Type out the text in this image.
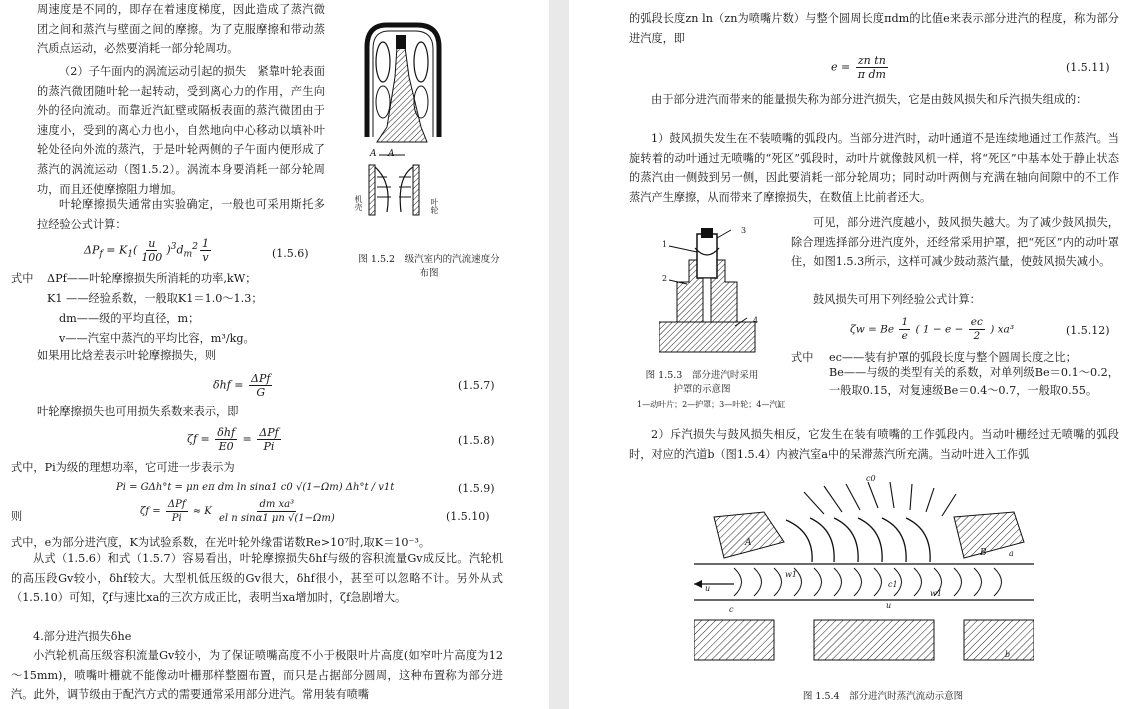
周速度是不同的，即存在着速度梯度，因此造成了蒸汽微团之间和蒸汽与壁面之间的摩擦。为了克服摩擦和带动蒸汽质点运动，必然要消耗一部分轮周功。

（2）子午面内的涡流运动引起的损失　紧靠叶轮表面的蒸汽微团随叶轮一起转动，受到离心力的作用，产生向外的径向流动。而靠近汽缸壁或隔板表面的蒸汽微团由于速度小，受到的离心力也小，自然地向中心移动以填补叶轮处径向外流的蒸汽，于是叶轮两侧的子午面内便形成了蒸汽的涡流运动（图1.5.2）。涡流本身要消耗一部分轮周功，而且还使摩擦阻力增加。

叶轮摩擦损失通常由实验确定，一般也可采用斯托多拉经验公式计算：

$\Delta P_f = K_1( \frac{u}{100} )^3d_m^2 \frac{1}{v}$	(1.5.6)
式中 ΔPf——叶轮摩擦损失所消耗的功率,kW；
K1 ——经验系数，一般取K1＝1.0～1.3；
dm——级的平均直径，m；
v——汽室中蒸汽的平均比容，m³/kg。
如果用比焓差表示叶轮摩擦损失，则
$\delta hf = \frac{\text{ΔPf}}{G}$	(1.5.7)
叶轮摩擦损失也可用损失系数来表示，即
$\zeta f = \frac{\text{δhf}}{E0} = \frac{\text{ΔPf}}{Pi}$	(1.5.8)
式中，Pi为级的理想功率，它可进一步表示为
Pi = GΔh°t = μn eπ dm ln sinα1 c0 √(1−Ωm) Δh°t / v1t	(1.5.9)
则	$\zeta f = \frac{\text{ΔPf}}{Pi} \approx K \frac{\text{dm xa³}}{\text{el n sinα1 μn √(1−Ωm)}}$	(1.5.10)
式中，e为部分进汽度，K为试验系数，在光叶轮外缘雷诺数Re>10⁷时,取K＝10⁻³。

从式（1.5.6）和式（1.5.7）容易看出，叶轮摩擦损失δhf与级的容积流量Gv成反比。汽轮机的高压段Gv较小，δhf较大。大型机低压级的Gv很大，δhf很小，甚至可以忽略不计。另外从式（1.5.10）可知，ζf与速比xa的三次方成正比，表明当xa增加时，ζf急剧增大。

4.部分进汽损失δhe

小汽轮机高压级容积流量Gv较小，为了保证喷嘴高度不小于极限叶片高度(如窄叶片高度为12～15mm)，喷嘴叶栅就不能像动叶栅那样整圈布置，而只是占据部分圆周，这种布置称为部分进汽。此外，调节级由于配汽方式的需要通常采用部分进汽。常用装有喷嘴

A A
机壳	叶轮
图 1.5.2　级汽室内的汽流速度分布图

的弧段长度zn ln（zn为喷嘴片数）与整个圆周长度πdm的比值e来表示部分进汽的程度，称为部分进汽度，即

$e = \frac{\text{zn tn}}{\text{π dm}}$	(1.5.11)

由于部分进汽而带来的能量损失称为部分进汽损失，它是由鼓风损失和斥汽损失组成的：

1）鼓风损失发生在不装喷嘴的弧段内。当部分进汽时，动叶通道不是连续地通过工作蒸汽。当旋转着的动叶通过无喷嘴的“死区”弧段时，动叶片就像鼓风机一样，将“死区”中基本处于静止状态的蒸汽由一侧鼓到另一侧，因此要消耗一部分轮周功；同时动叶两侧与充满在轴向间隙中的不工作蒸汽产生摩擦，从而带来了摩擦损失，在数值上比前者还大。

1
2
3
4
图 1.5.3　部分进汽时采用护罩的示意图
1—动叶片；2—护罩；3—叶轮；4—汽缸

可见，部分进汽度越小，鼓风损失越大。为了减少鼓风损失，除合理选择部分进汽度外，还经常采用护罩，把“死区”内的动叶罩住，如图1.5.3所示，这样可减少鼓动蒸汽量，使鼓风损失减小。

鼓风损失可用下列经验公式计算：
ζw = Be $\frac{1}{e}$ ( $1 - e - \frac{ec}{2}$ ) xa³	(1.5.12)
式中 ec——装有护罩的弧段长度与整个圆周长度之比；

Be——与级的类型有关的系数，对单列级Be＝0.1～0.2，一般取0.15，对复速级Be＝0.4～0.7，一般取0.55。

2）斥汽损失与鼓风损失相反，它发生在装有喷嘴的工作弧段内。当动叶栅经过无喷嘴的弧段时，对应的汽道b（图1.5.4）内被汽室a中的呆滞蒸汽所充满。当动叶进入工作弧

c0
A
B	a
b
u
u
w1
w1
c1
c
图 1.5.4　部分进汽时蒸汽流动示意图
